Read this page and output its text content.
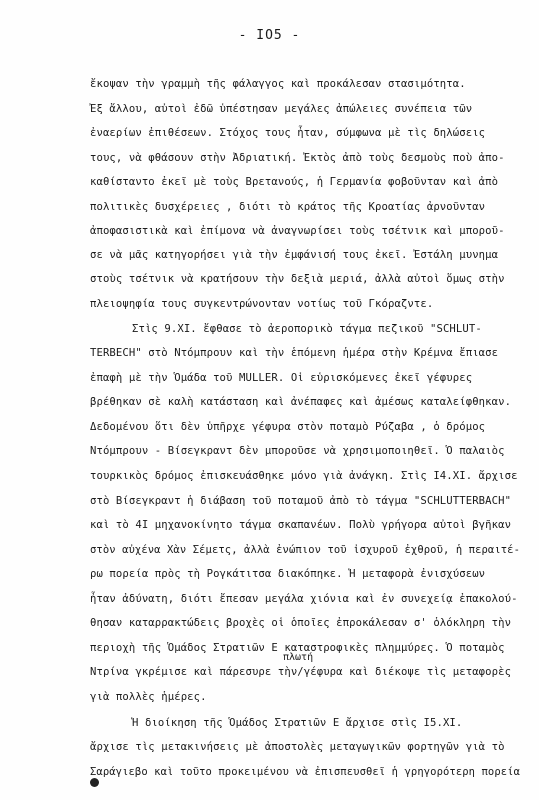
- IO5 -
ἔκοψαν τὴν γραμμὴ τῆς φάλαγγος καὶ προκάλεσαν στασιμότητα.
Ἐξ ἄλλου, αὐτοὶ ἐδῶ ὑπέστησαν μεγάλες ἀπώλειες συνέπεια τῶν
ἐναερίων ἐπιθέσεων. Στόχος τους ἦταν, σύμφωνα μὲ τὶς δηλώσεις
τους, νὰ φθάσουν στὴν Ἀδριατική. Ἐκτὸς ἀπὸ τοὺς δεσμοὺς ποὺ ἀπο-
καθίσταντο ἐκεῖ μὲ τοὺς Βρετανούς, ἡ Γερμανία φοβοῦνταν καὶ ἀπὸ
πολιτικὲς δυσχέρειες , διότι τὸ κράτος τῆς Κροατίας ἀρνοῦνταν
ἀποφασιστικὰ καὶ ἐπίμονα νὰ ἀναγνωρίσει τοὺς τσέτνικ καὶ μποροῦ-
σε νὰ μᾶς κατηγορήσει γιὰ τὴν ἐμφάνισή τους ἐκεῖ. Ἐστάλη μυνημα
στοὺς τσέτνικ νὰ κρατήσουν τὴν δεξιὰ μεριά, ἀλλὰ αὐτοὶ ὅμως στὴν
πλειοψηφία τους συγκεντρώνονταν νοτίως τοῦ Γκόραζντε.
Στὶς 9.XI. ἔφθασε τὸ ἀεροπορικὸ τάγμα πεζικοῦ "SCHLUT-
TERBECH" στὸ Ντόμπρουν καὶ τὴν ἑπόμενη ἡμέρα στὴν Κρέμνα ἔπιασε
ἐπαφὴ μὲ τὴν Ὁμάδα τοῦ MULLER. Οἱ εὑρισκόμενες ἐκεῖ γέφυρες
βρέθηκαν σὲ καλὴ κατάσταση καὶ ἀνέπαφες καὶ ἀμέσως καταλείφθηκαν.
Δεδομένου ὅτι δὲν ὑπῆρχε γέφυρα στὸν ποταμὸ Ρύζαβα , ὁ δρόμος
Ντόμπρουν - Βίσεγκραντ δὲν μποροῦσε νὰ χρησιμοποιηθεῖ. Ὁ παλαιὸς
τουρκικὸς δρόμος ἐπισκευάσθηκε μόνο γιὰ ἀνάγκη. Στὶς I4.XI. ἄρχισε
στὸ Βίσεγκραντ ἡ διάβαση τοῦ ποταμοῦ ἀπὸ τὸ τάγμα "SCHLUTTERBACH"
καὶ τὸ 4I μηχανοκίνητο τάγμα σκαπανέων. Πολὺ γρήγορα αὐτοὶ βγῆκαν
στὸν αὐχένα Χὰν Σέμετς, ἀλλὰ ἐνώπιον τοῦ ἰσχυροῦ ἐχθροῦ, ἡ περαιτέ-
ρω πορεία πρὸς τὴ Ρογκάτιτσα διακόπηκε. Ἡ μεταφορὰ ἐνισχύσεων
ἦταν ἀδύνατη, διότι ἔπεσαν μεγάλα χιόνια καὶ ἐν συνεχείᾳ ἐπακολού-
θησαν καταρρακτώδεις βροχὲς οἱ ὁποῖες ἐπροκάλεσαν σ' ὁλόκληρη τὴν
περιοχὴ τῆς Ὁμάδος Στρατιῶν Ε καταστροφικὲς πλημμύρες. Ὁ ποταμὸς
πλωτή
Ντρίνα γκρέμισε καὶ πάρεσυρε τὴν/γέφυρα καὶ διέκοψε τὶς μεταφορὲς
γιὰ πολλὲς ἡμέρες.
Ἡ διοίκηση τῆς Ὁμάδος Στρατιῶν Ε ἄρχισε στὶς I5.XI.
ἄρχισε τὶς μετακινήσεις μὲ ἀποστολὲς μεταγωγικῶν φορτηγῶν γιὰ τὸ
Σαράγιεβο καὶ τοῦτο προκειμένου νὰ ἐπισπευσθεῖ ἡ γρηγορότερη πορεία
